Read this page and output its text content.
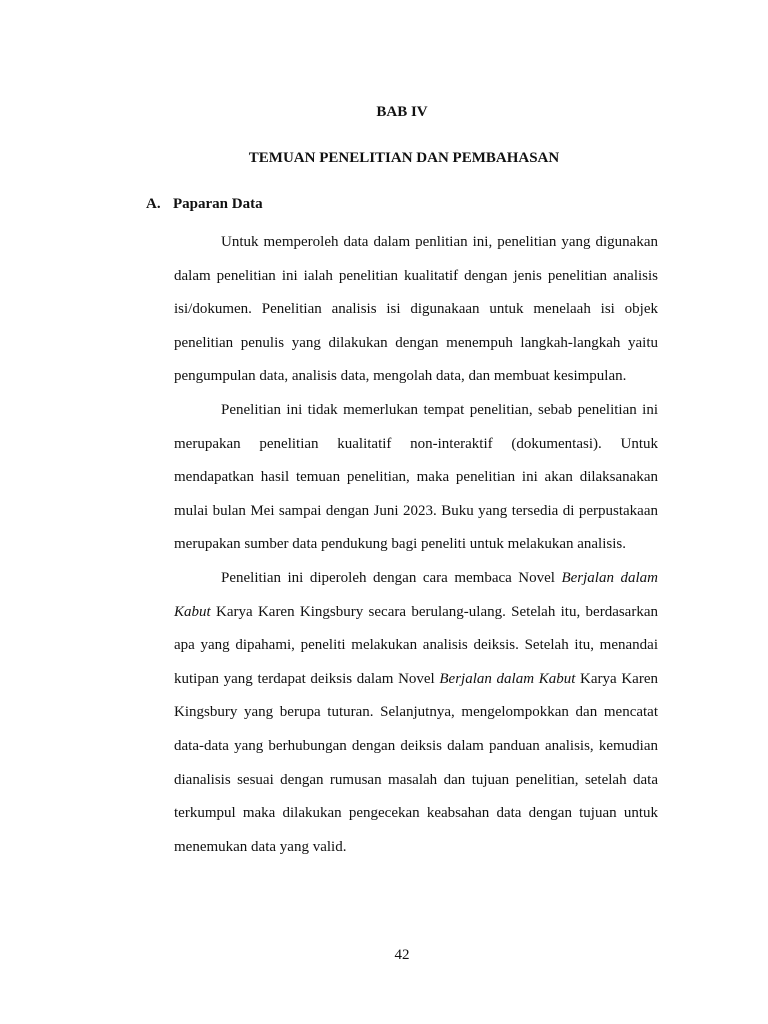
BAB IV
TEMUAN PENELITIAN DAN PEMBAHASAN
A. Paparan Data

Untuk memperoleh data dalam penlitian ini, penelitian yang digunakan dalam penelitian ini ialah penelitian kualitatif dengan jenis penelitian analisis isi/dokumen. Penelitian analisis isi digunakaan untuk menelaah isi objek penelitian penulis yang dilakukan dengan menempuh langkah-langkah yaitu pengumpulan data, analisis data, mengolah data, dan membuat kesimpulan.

Penelitian ini tidak memerlukan tempat penelitian, sebab penelitian ini merupakan penelitian kualitatif non-interaktif (dokumentasi). Untuk mendapatkan hasil temuan penelitian, maka penelitian ini akan dilaksanakan mulai bulan Mei sampai dengan Juni 2023. Buku yang tersedia di perpustakaan merupakan sumber data pendukung bagi peneliti untuk melakukan analisis.

Penelitian ini diperoleh dengan cara membaca Novel Berjalan dalam Kabut Karya Karen Kingsbury secara berulang-ulang. Setelah itu, berdasarkan apa yang dipahami, peneliti melakukan analisis deiksis. Setelah itu, menandai kutipan yang terdapat deiksis dalam Novel Berjalan dalam Kabut Karya Karen Kingsbury yang berupa tuturan. Selanjutnya, mengelompokkan dan mencatat data-data yang berhubungan dengan deiksis dalam panduan analisis, kemudian dianalisis sesuai dengan rumusan masalah dan tujuan penelitian, setelah data terkumpul maka dilakukan pengecekan keabsahan data dengan tujuan untuk menemukan data yang valid.

42
